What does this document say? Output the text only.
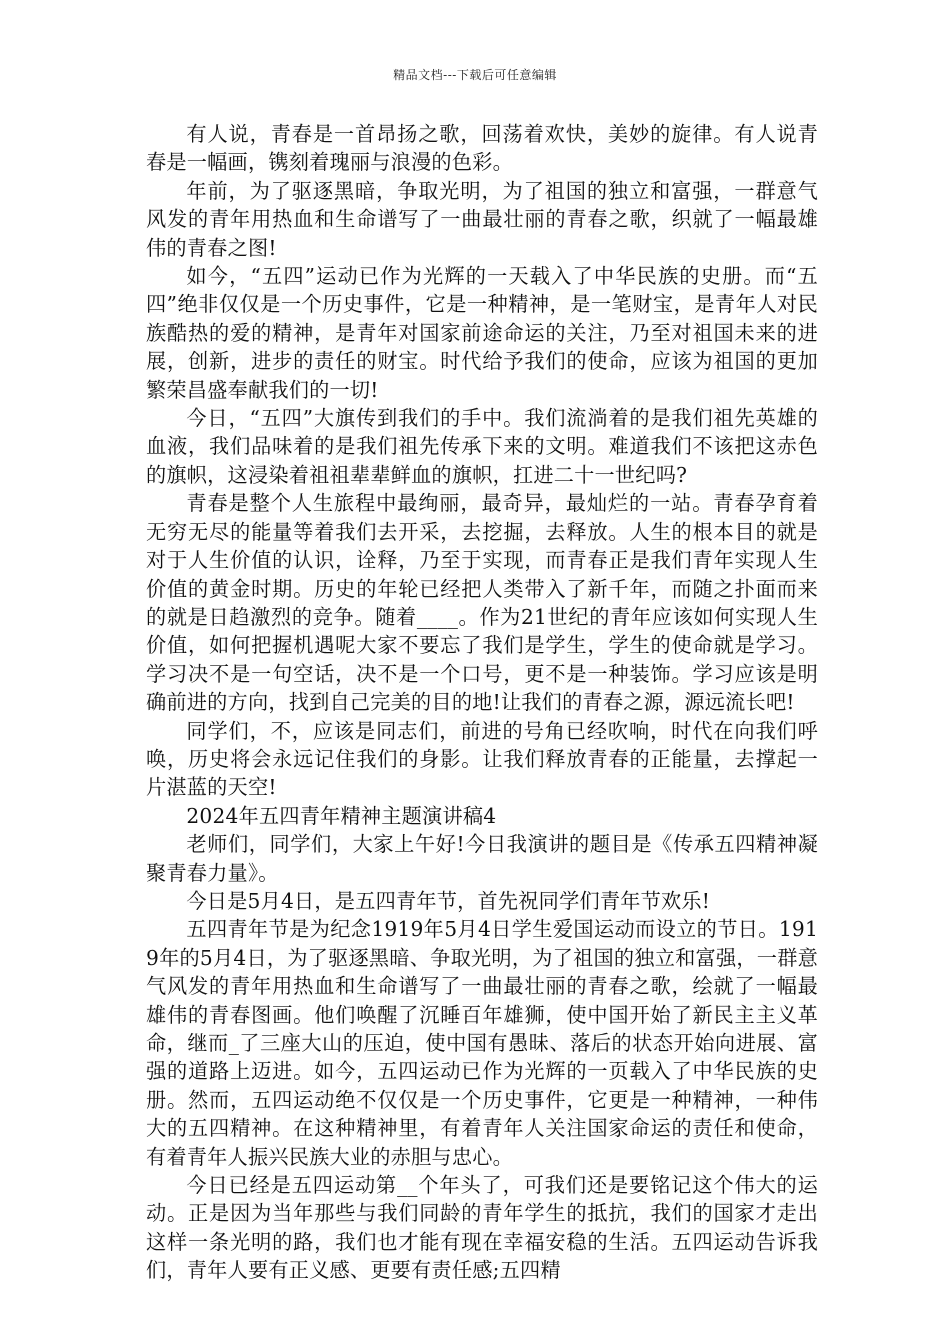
精品文档---下载后可任意编辑

有人说，青春是一首昂扬之歌，回荡着欢快，美妙的旋律。有人说青春是一幅画，镌刻着瑰丽与浪漫的色彩。

年前，为了驱逐黑暗，争取光明，为了祖国的独立和富强，一群意气风发的青年用热血和生命谱写了一曲最壮丽的青春之歌，织就了一幅最雄伟的青春之图!

如今，“五四”运动已作为光辉的一天载入了中华民族的史册。而“五四”绝非仅仅是一个历史事件，它是一种精神，是一笔财宝，是青年人对民族酷热的爱的精神，是青年对国家前途命运的关注，乃至对祖国未来的进展，创新，进步的责任的财宝。时代给予我们的使命，应该为祖国的更加繁荣昌盛奉献我们的一切!

今日，“五四”大旗传到我们的手中。我们流淌着的是我们祖先英雄的血液，我们品味着的是我们祖先传承下来的文明。难道我们不该把这赤色的旗帜，这浸染着祖祖辈辈鲜血的旗帜，扛进二十一世纪吗?

青春是整个人生旅程中最绚丽，最奇异，最灿烂的一站。青春孕育着无穷无尽的能量等着我们去开采，去挖掘，去释放。人生的根本目的就是对于人生价值的认识，诠释，乃至于实现，而青春正是我们青年实现人生价值的黄金时期。历史的年轮已经把人类带入了新千年，而随之扑面而来的就是日趋激烈的竞争。随着____。作为21世纪的青年应该如何实现人生价值，如何把握机遇呢大家不要忘了我们是学生，学生的使命就是学习。学习决不是一句空话，决不是一个口号，更不是一种装饰。学习应该是明确前进的方向，找到自己完美的目的地!让我们的青春之源，源远流长吧!

同学们，不，应该是同志们，前进的号角已经吹响，时代在向我们呼唤，历史将会永远记住我们的身影。让我们释放青春的正能量，去撑起一片湛蓝的天空!

2024年五四青年精神主题演讲稿4

老师们，同学们，大家上午好!今日我演讲的题目是《传承五四精神凝聚青春力量》。

今日是5月4日，是五四青年节，首先祝同学们青年节欢乐!

五四青年节是为纪念1919年5月4日学生爱国运动而设立的节日。1919年的5月4日，为了驱逐黑暗、争取光明，为了祖国的独立和富强，一群意气风发的青年用热血和生命谱写了一曲最壮丽的青春之歌，绘就了一幅最雄伟的青春图画。他们唤醒了沉睡百年雄狮，使中国开始了新民主主义革命，继而_了三座大山的压迫，使中国有愚昧、落后的状态开始向进展、富强的道路上迈进。如今，五四运动已作为光辉的一页载入了中华民族的史册。然而，五四运动绝不仅仅是一个历史事件，它更是一种精神，一种伟大的五四精神。在这种精神里，有着青年人关注国家命运的责任和使命，有着青年人振兴民族大业的赤胆与忠心。

今日已经是五四运动第__个年头了，可我们还是要铭记这个伟大的运动。正是因为当年那些与我们同龄的青年学生的抵抗，我们的国家才走出这样一条光明的路，我们也才能有现在幸福安稳的生活。五四运动告诉我们，青年人要有正义感、更要有责任感;五四精
